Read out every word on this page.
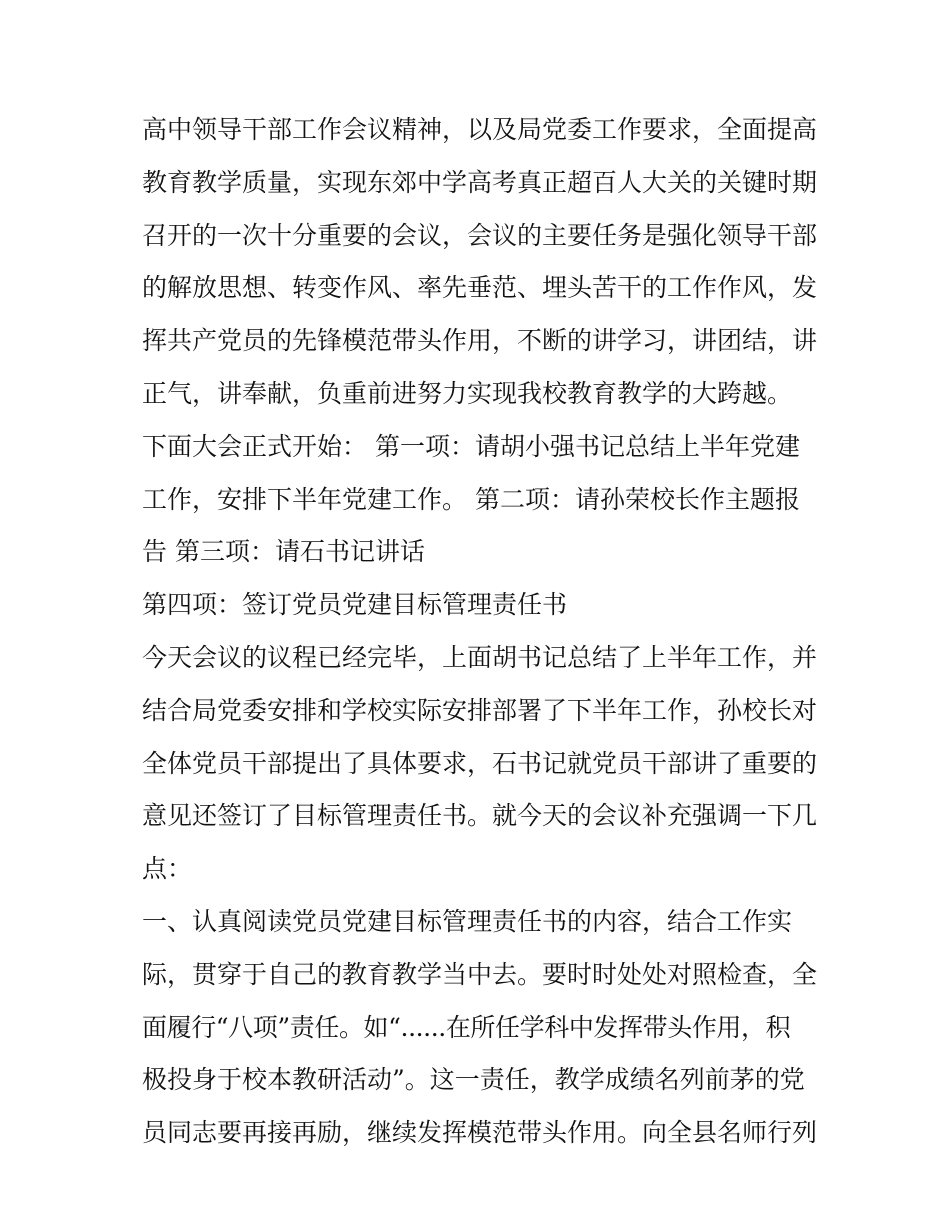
高中领导干部工作会议精神，以及局党委工作要求，全面提高
教育教学质量，实现东郊中学高考真正超百人大关的关键时期
召开的一次十分重要的会议，会议的主要任务是强化领导干部
的解放思想、转变作风、率先垂范、埋头苦干的工作作风，发
挥共产党员的先锋模范带头作用，不断的讲学习，讲团结，讲
正气，讲奉献，负重前进努力实现我校教育教学的大跨越。
下面大会正式开始： 第一项：请胡小强书记总结上半年党建
工作，安排下半年党建工作。 第二项：请孙荣校长作主题报
告 第三项：请石书记讲话
第四项：签订党员党建目标管理责任书
今天会议的议程已经完毕，上面胡书记总结了上半年工作，并
结合局党委安排和学校实际安排部署了下半年工作，孙校长对
全体党员干部提出了具体要求，石书记就党员干部讲了重要的
意见还签订了目标管理责任书。就今天的会议补充强调一下几
点：
一、认真阅读党员党建目标管理责任书的内容，结合工作实
际，贯穿于自己的教育教学当中去。要时时处处对照检查，全
面履行“八项”责任。如“......在所任学科中发挥带头作用，积
极投身于校本教研活动”。这一责任，教学成绩名列前茅的党
员同志要再接再励，继续发挥模范带头作用。向全县名师行列
